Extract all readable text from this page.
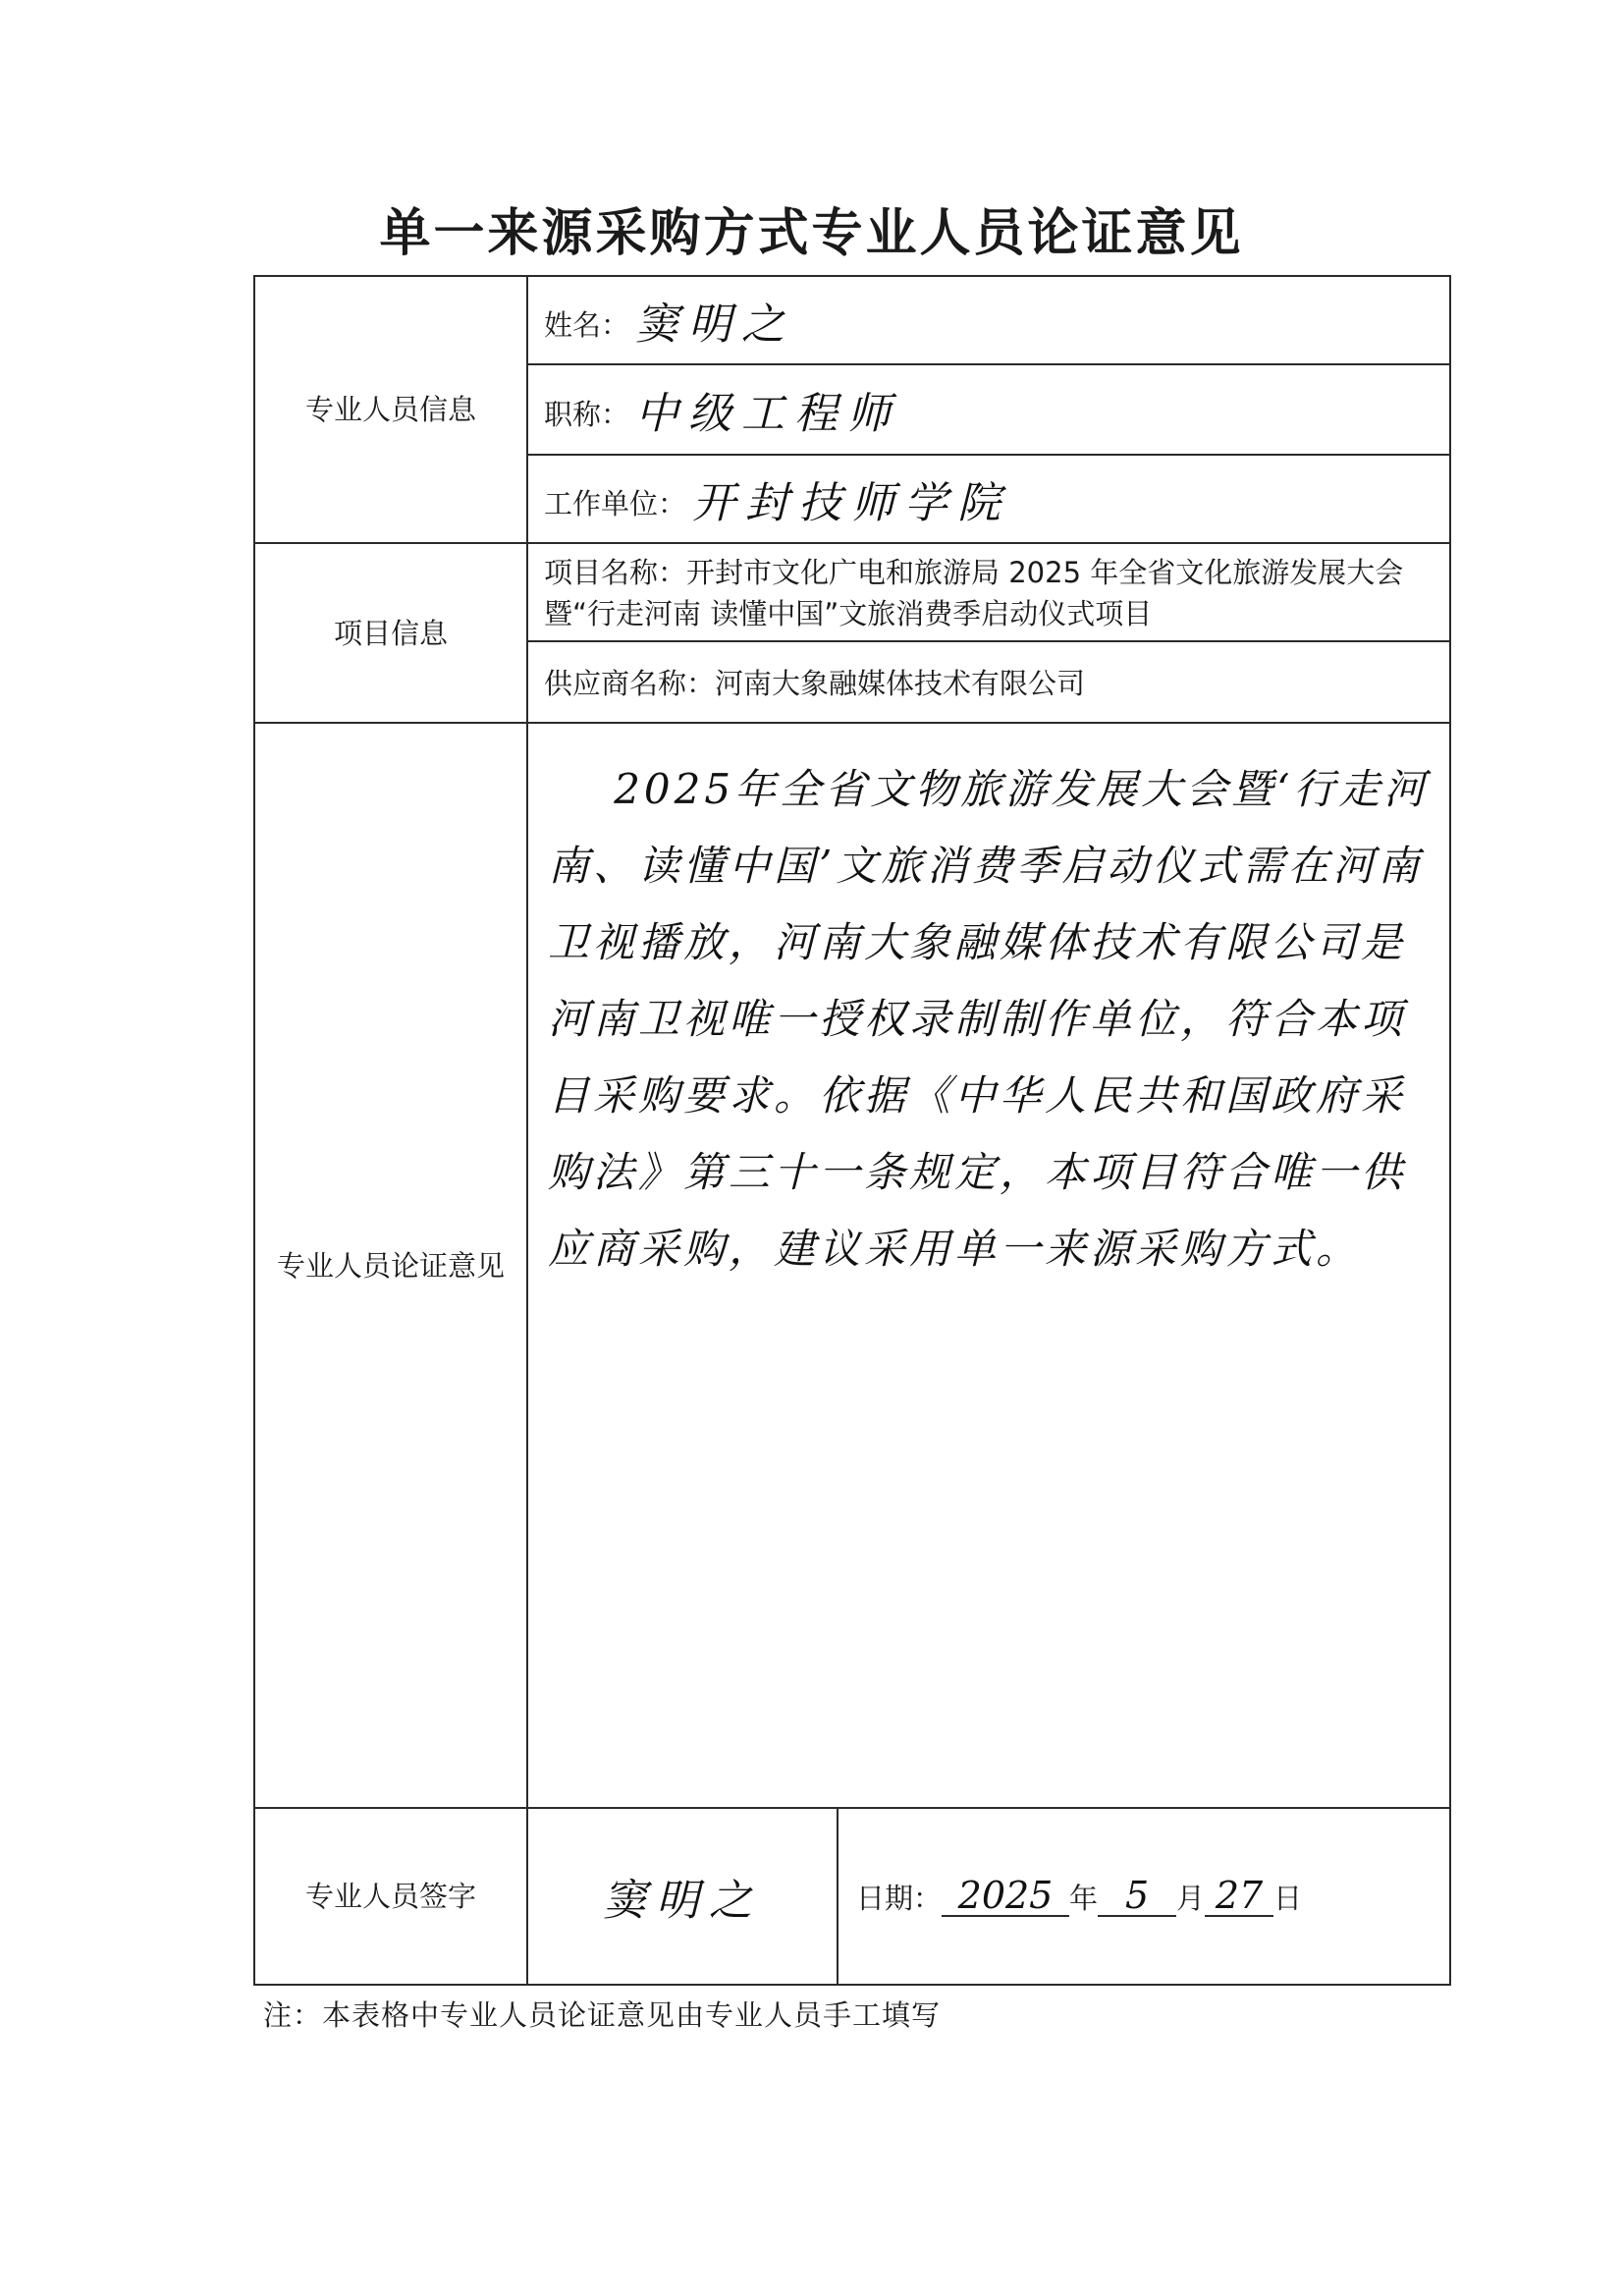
单一来源采购方式专业人员论证意见
专业人员信息	姓名： 窦明之	
	职称： 中级工程师	
	工作单位： 开封技师学院	
项目信息	项目名称：开封市文化广电和旅游局 2025 年全省文化旅游发展大会暨“行走河南 读懂中国”文旅消费季启动仪式项目	
	供应商名称：河南大象融媒体技术有限公司	
专业人员论证意见	2025年全省文物旅游发展大会暨‘行走河南、读懂中国’文旅消费季启动仪式需在河南卫视播放，河南大象融媒体技术有限公司是河南卫视唯一授权录制制作单位，符合本项目采购要求。依据《中华人民共和国政府采购法》第三十一条规定，本项目符合唯一供应商采购，建议采用单一来源采购方式。	

专业人员签字	窦明之	日期： 2025 年 5 月 27 日
注：本表格中专业人员论证意见由专业人员手工填写
